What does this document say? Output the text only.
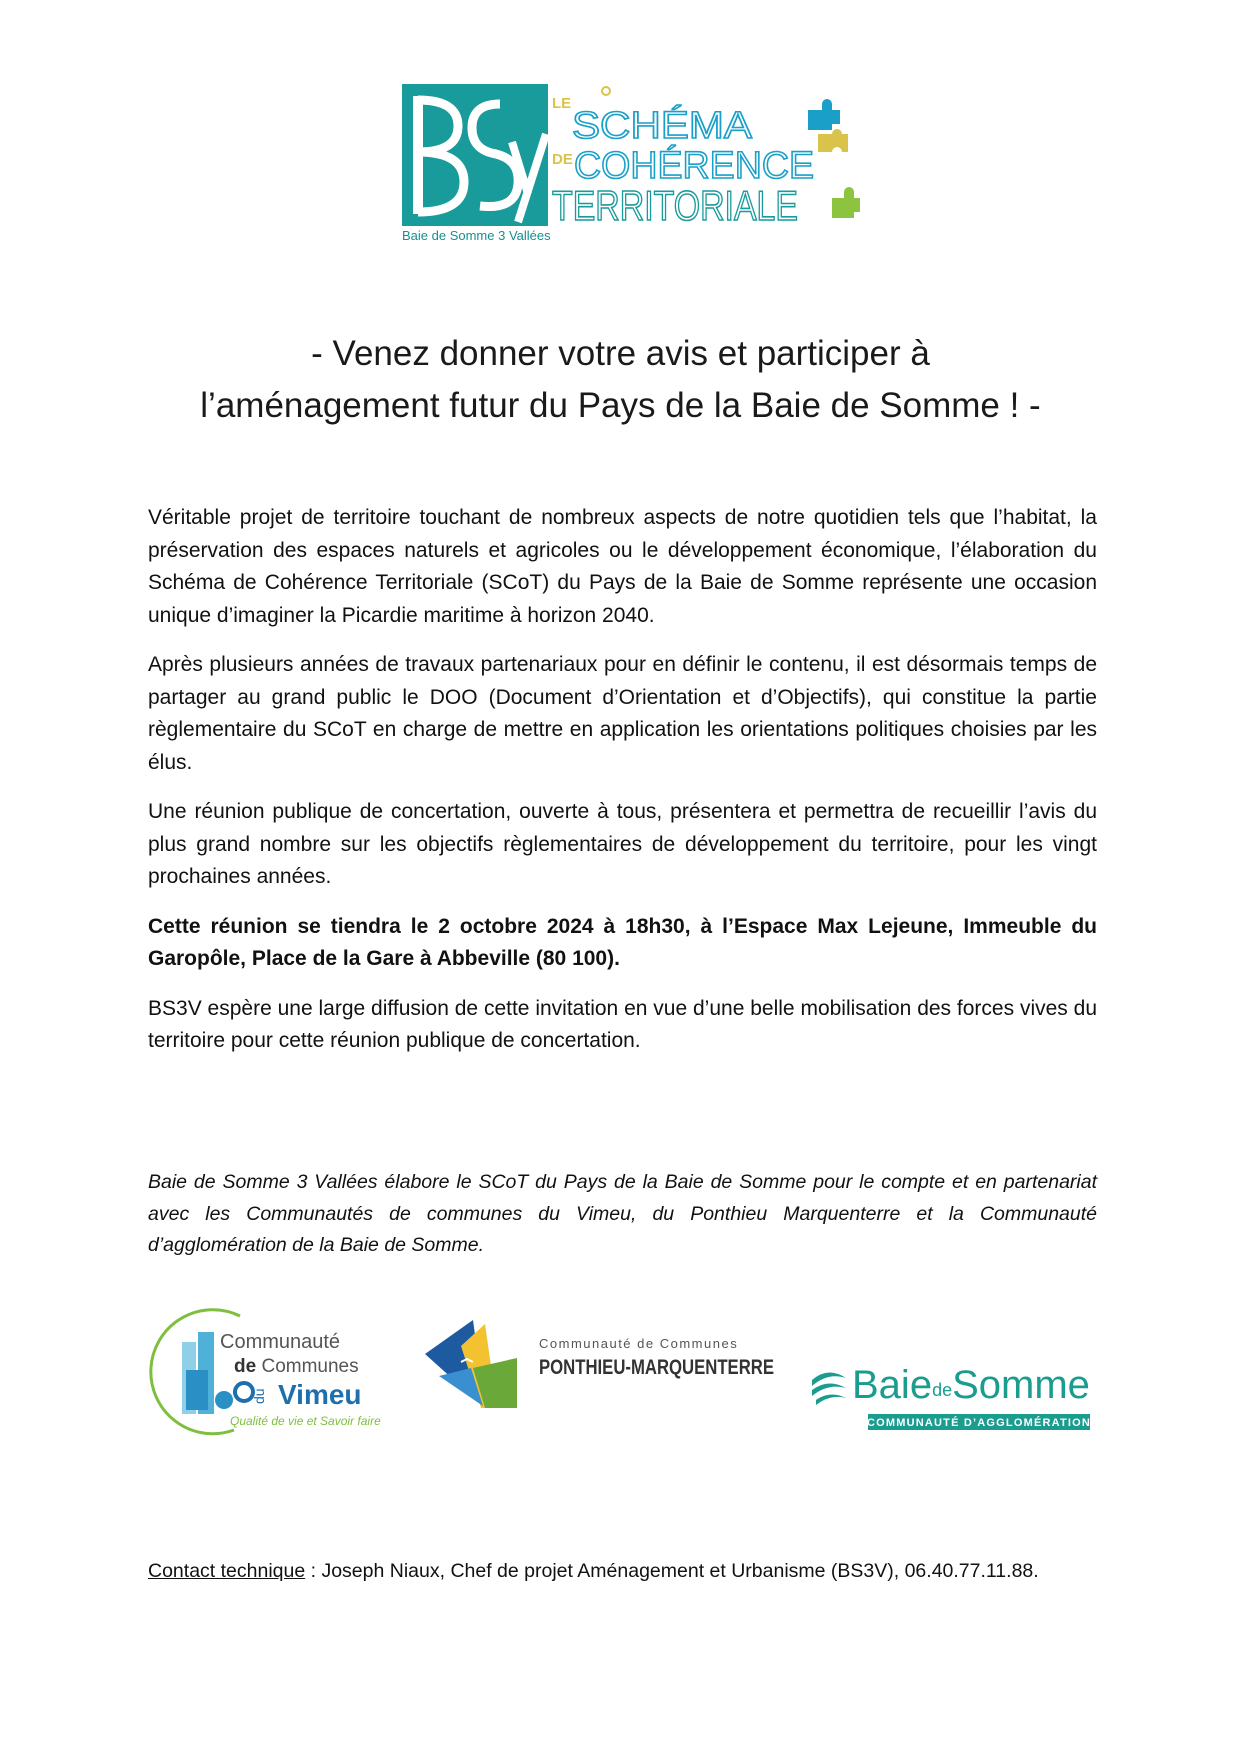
Baie de Somme 3 Vallées
LE
SCHÉMA
DE COHÉRENCE
TERRITORIALE
- Venez donner votre avis et participer à
l’aménagement futur du Pays de la Baie de Somme ! -

Véritable projet de territoire touchant de nombreux aspects de notre quotidien tels que l’habitat, la préservation des espaces naturels et agricoles ou le développement économique, l’élaboration du Schéma de Cohérence Territoriale (SCoT) du Pays de la Baie de Somme représente une occasion unique d’imaginer la Picardie maritime à horizon 2040.

Après plusieurs années de travaux partenariaux pour en définir le contenu, il est désormais temps de partager au grand public le DOO (Document d’Orientation et d’Objectifs), qui constitue la partie règlementaire du SCoT en charge de mettre en application les orientations politiques choisies par les élus.

Une réunion publique de concertation, ouverte à tous, présentera et permettra de recueillir l’avis du plus grand nombre sur les objectifs règlementaires de développement du territoire, pour les vingt prochaines années.

Cette réunion se tiendra le 2 octobre 2024 à 18h30, à l’Espace Max Lejeune, Immeuble du Garopôle, Place de la Gare à Abbeville (80 100).

BS3V espère une large diffusion de cette invitation en vue d’une belle mobilisation des forces vives du territoire pour cette réunion publique de concertation.

Baie de Somme 3 Vallées élabore le SCoT du Pays de la Baie de Somme pour le compte et en partenariat avec les Communautés de communes du Vimeu, du Ponthieu Marquenterre et la Communauté d’agglomération de la Baie de Somme.

Communauté
de Communes
du Vimeu
Qualité de vie et Savoir faire
Communauté de Communes
PONTHIEU-MARQUENTERRE BaiedeSomme
COMMUNAUTÉ D’AGGLOMÉRATION

Contact technique : Joseph Niaux, Chef de projet Aménagement et Urbanisme (BS3V), 06.40.77.11.88.
